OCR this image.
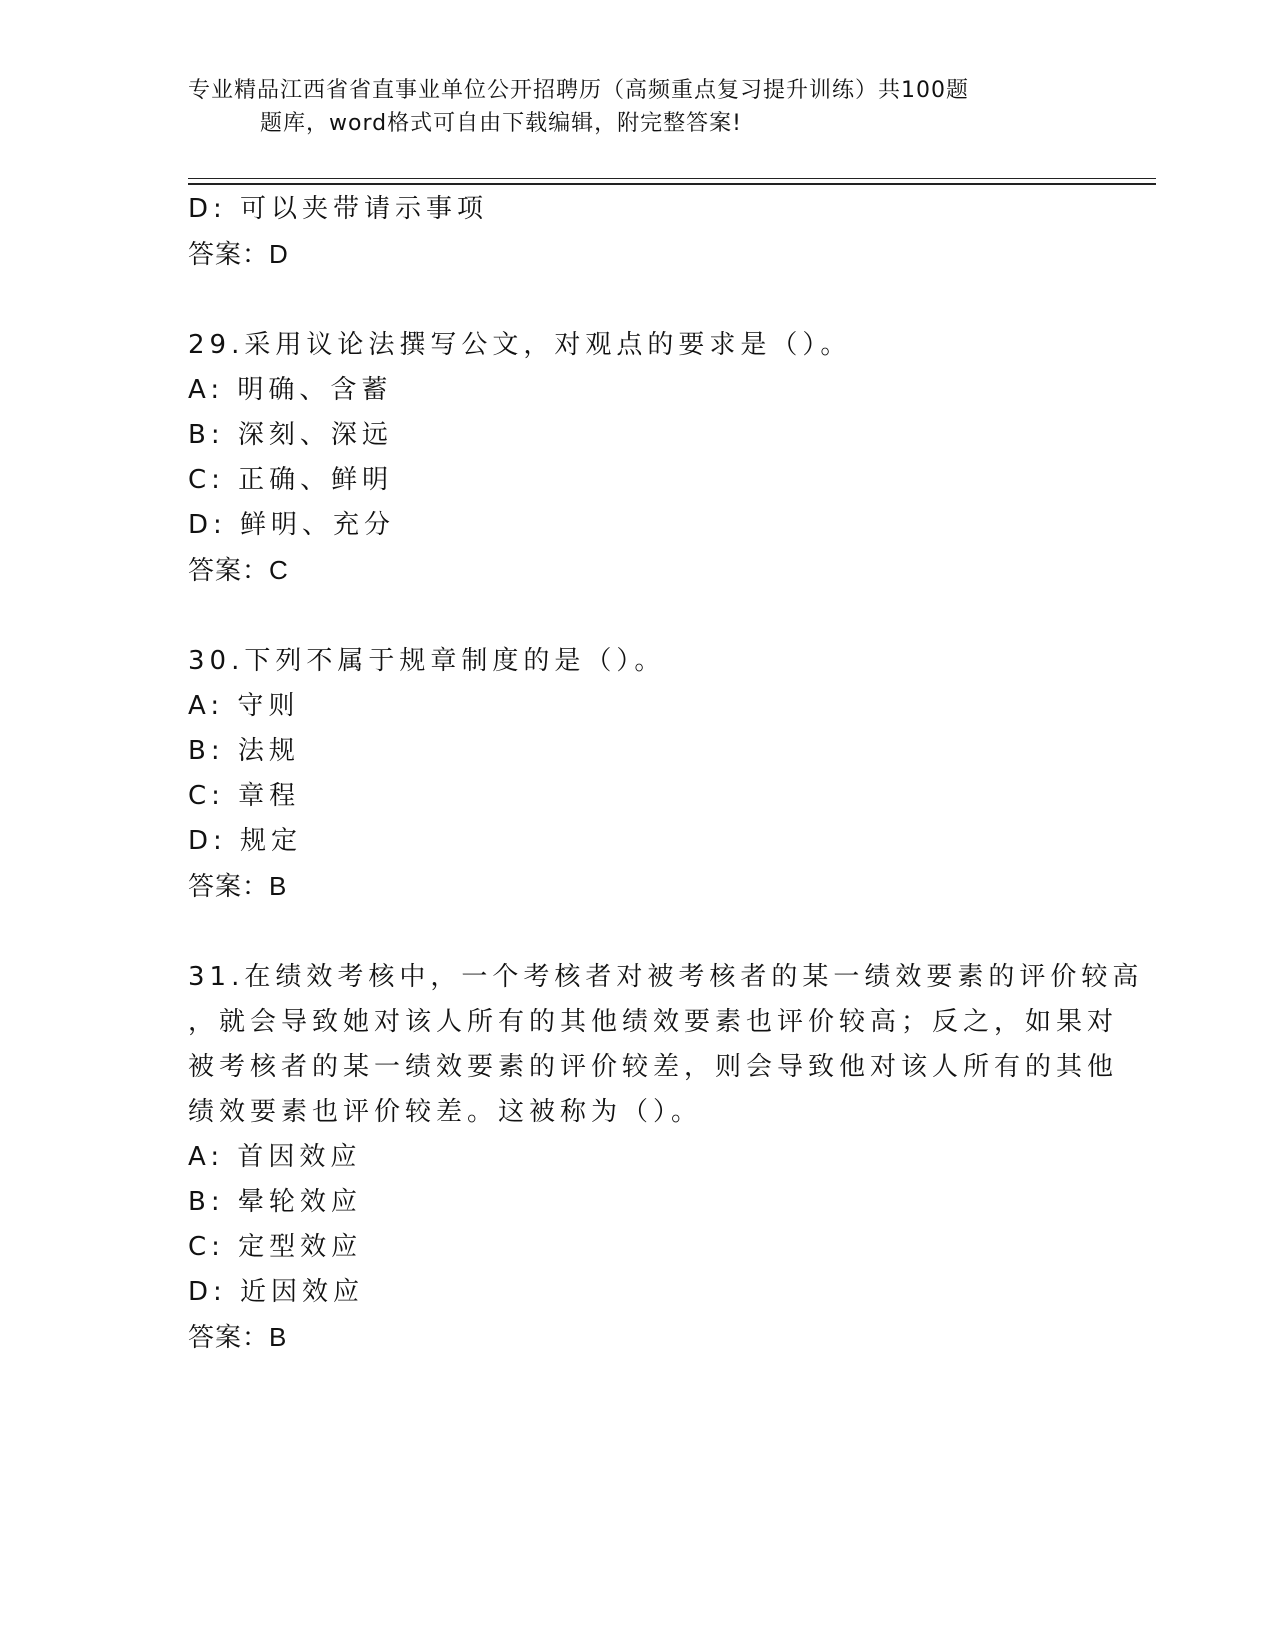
专业精品江西省省直事业单位公开招聘历（高频重点复习提升训练）共100题
题库，word格式可自由下载编辑，附完整答案!
D: 可以夹带请示事项
答案：D
29.采用议论法撰写公文，对观点的要求是（）。
A: 明确、含蓄
B: 深刻、深远
C: 正确、鲜明
D: 鲜明、充分
答案：C
30.下列不属于规章制度的是（）。
A: 守则
B: 法规
C: 章程
D: 规定
答案：B
31.在绩效考核中，一个考核者对被考核者的某一绩效要素的评价较高
，就会导致她对该人所有的其他绩效要素也评价较高；反之，如果对
被考核者的某一绩效要素的评价较差，则会导致他对该人所有的其他
绩效要素也评价较差。这被称为（）。
A: 首因效应
B: 晕轮效应
C: 定型效应
D: 近因效应
答案：B
